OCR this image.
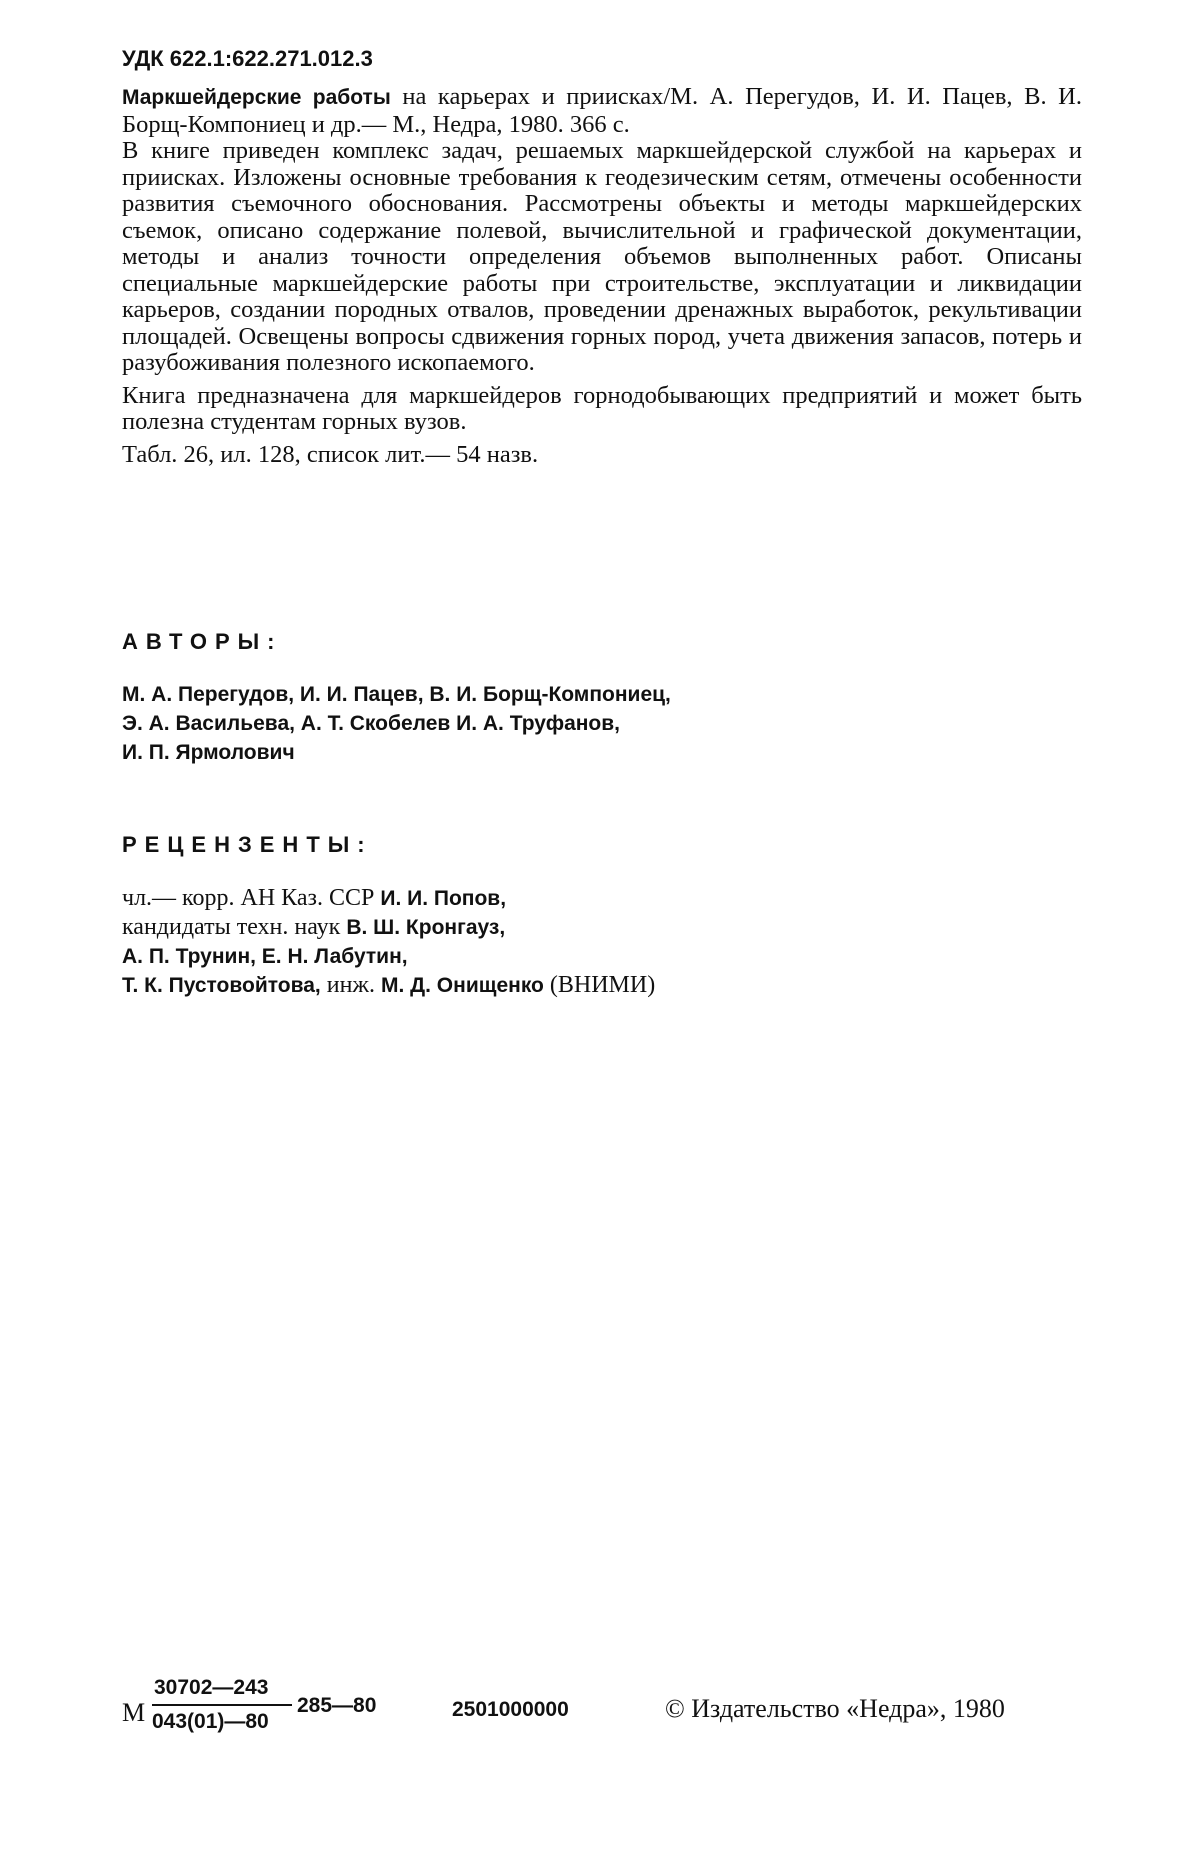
УДК 622.1:622.271.012.3

Маркшейдерские работы на карьерах и приисках/М. А. Перегудов, И. И. Пацев, В. И. Борщ-Компониец и др.— М., Недра, 1980. 366 с.

В книге приведен комплекс задач, решаемых маркшейдерской службой на карьерах и приисках. Изложены основные требования к геодезическим сетям, отмечены особенности развития съемочного обоснования. Рассмотрены объекты и методы маркшейдерских съемок, описано содержание полевой, вычислительной и графической документации, методы и анализ точности определения объемов выполненных работ. Описаны специальные маркшейдерские работы при строительстве, эксплуатации и ликвидации карьеров, создании породных отвалов, проведении дренажных выработок, рекультивации площадей. Освещены вопросы сдвижения горных пород, учета движения запасов, потерь и разубоживания полезного ископаемого.

Книга предназначена для маркшейдеров горнодобывающих предприятий и может быть полезна студентам горных вузов.

Табл. 26, ил. 128, список лит.— 54 назв.

АВТОРЫ:
М. А. Перегудов, И. И. Пацев, В. И. Борщ-Компониец,
Э. А. Васильева, А. Т. Скобелев И. А. Труфанов,
И. П. Ярмолович
РЕЦЕНЗЕНТЫ:
чл.— корр. АН Каз. ССР И. И. Попов,
кандидаты техн. наук В. Ш. Кронгауз,
А. П. Трунин, Е. Н. Лабутин,
Т. К. Пустовойтова, инж. М. Д. Онищенко (ВНИМИ)
М
30702—243
043(01)—80
285—80	2501000000	© Издательство «Недра», 1980
